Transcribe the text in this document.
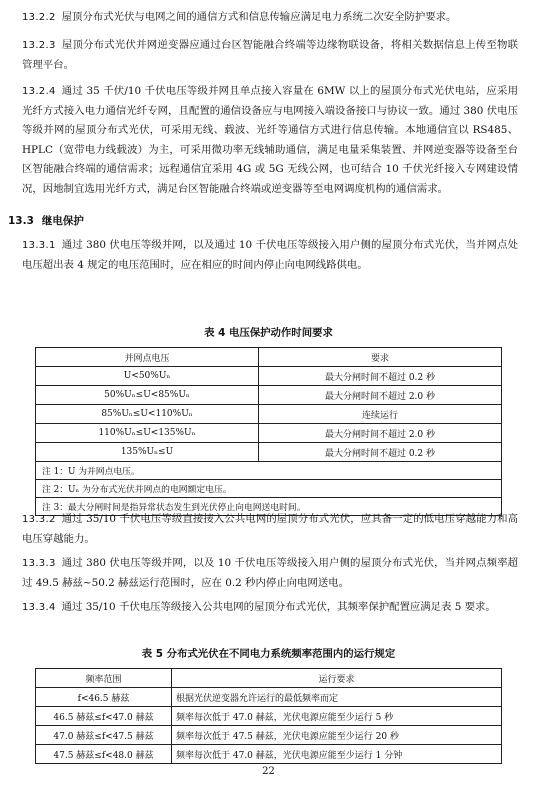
13.2.2 屋顶分布式光伏与电网之间的通信方式和信息传输应满足电力系统二次安全防护要求。
13.2.3 屋顶分布式光伏并网逆变器应通过台区智能融合终端等边缘物联设备，将相关数据信息上传至物联管理平台。
13.2.4 通过 35 千伏/10 千伏电压等级并网且单点接入容量在 6MW 以上的屋顶分布式光伏电站，应采用光纤方式接入电力通信光纤专网，且配置的通信设备应与电网接入端设备接口与协议一致。通过 380 伏电压等级并网的屋顶分布式光伏，可采用无线、载波、光纤等通信方式进行信息传输。本地通信宜以 RS485、HPLC（宽带电力线载波）为主，可采用微功率无线辅助通信，满足电量采集装置、并网逆变器等设备至台区智能融合终端的通信需求；远程通信宜采用 4G 或 5G 无线公网，也可结合 10 千伏光纤接入专网建设情况，因地制宜选用光纤方式，满足台区智能融合终端或逆变器等至电网调度机构的通信需求。
13.3 继电保护
13.3.1 通过 380 伏电压等级并网，以及通过 10 千伏电压等级接入用户侧的屋顶分布式光伏，当并网点处电压超出表 4 规定的电压范围时，应在相应的时间内停止向电网线路供电。
表 4 电压保护动作时间要求
并网点电压	要求
U<50%Uₙ	最大分闸时间不超过 0.2 秒
50%Uₙ≤U<85%Uₙ	最大分闸时间不超过 2.0 秒
85%Uₙ≤U<110%Uₙ	连续运行
110%Uₙ≤U<135%Uₙ	最大分闸时间不超过 2.0 秒
135%Uₙ≤U	最大分闸时间不超过 0.2 秒
注 1：U 为并网点电压。	
注 2：Uₙ 为分布式光伏并网点的电网额定电压。	
注 3：最大分闸时间是指异常状态发生到光伏停止向电网送电时间。	
13.3.2 通过 35/10 千伏电压等级直接接入公共电网的屋顶分布式光伏，应具备一定的低电压穿越能力和高电压穿越能力。
13.3.3 通过 380 伏电压等级并网，以及 10 千伏电压等级接入用户侧的屋顶分布式光伏，当并网点频率超过 49.5 赫兹~50.2 赫兹运行范围时，应在 0.2 秒内停止向电网送电。
13.3.4 通过 35/10 千伏电压等级接入公共电网的屋顶分布式光伏，其频率保护配置应满足表 5 要求。
表 5 分布式光伏在不同电力系统频率范围内的运行规定
频率范围	运行要求
f<46.5 赫兹	根据光伏逆变器允许运行的最低频率而定
46.5 赫兹≤f<47.0 赫兹	频率每次低于 47.0 赫兹，光伏电源应能至少运行 5 秒
47.0 赫兹≤f<47.5 赫兹	频率每次低于 47.5 赫兹，光伏电源应能至少运行 20 秒
47.5 赫兹≤f<48.0 赫兹	频率每次低于 47.0 赫兹，光伏电源应能至少运行 1 分钟
22
